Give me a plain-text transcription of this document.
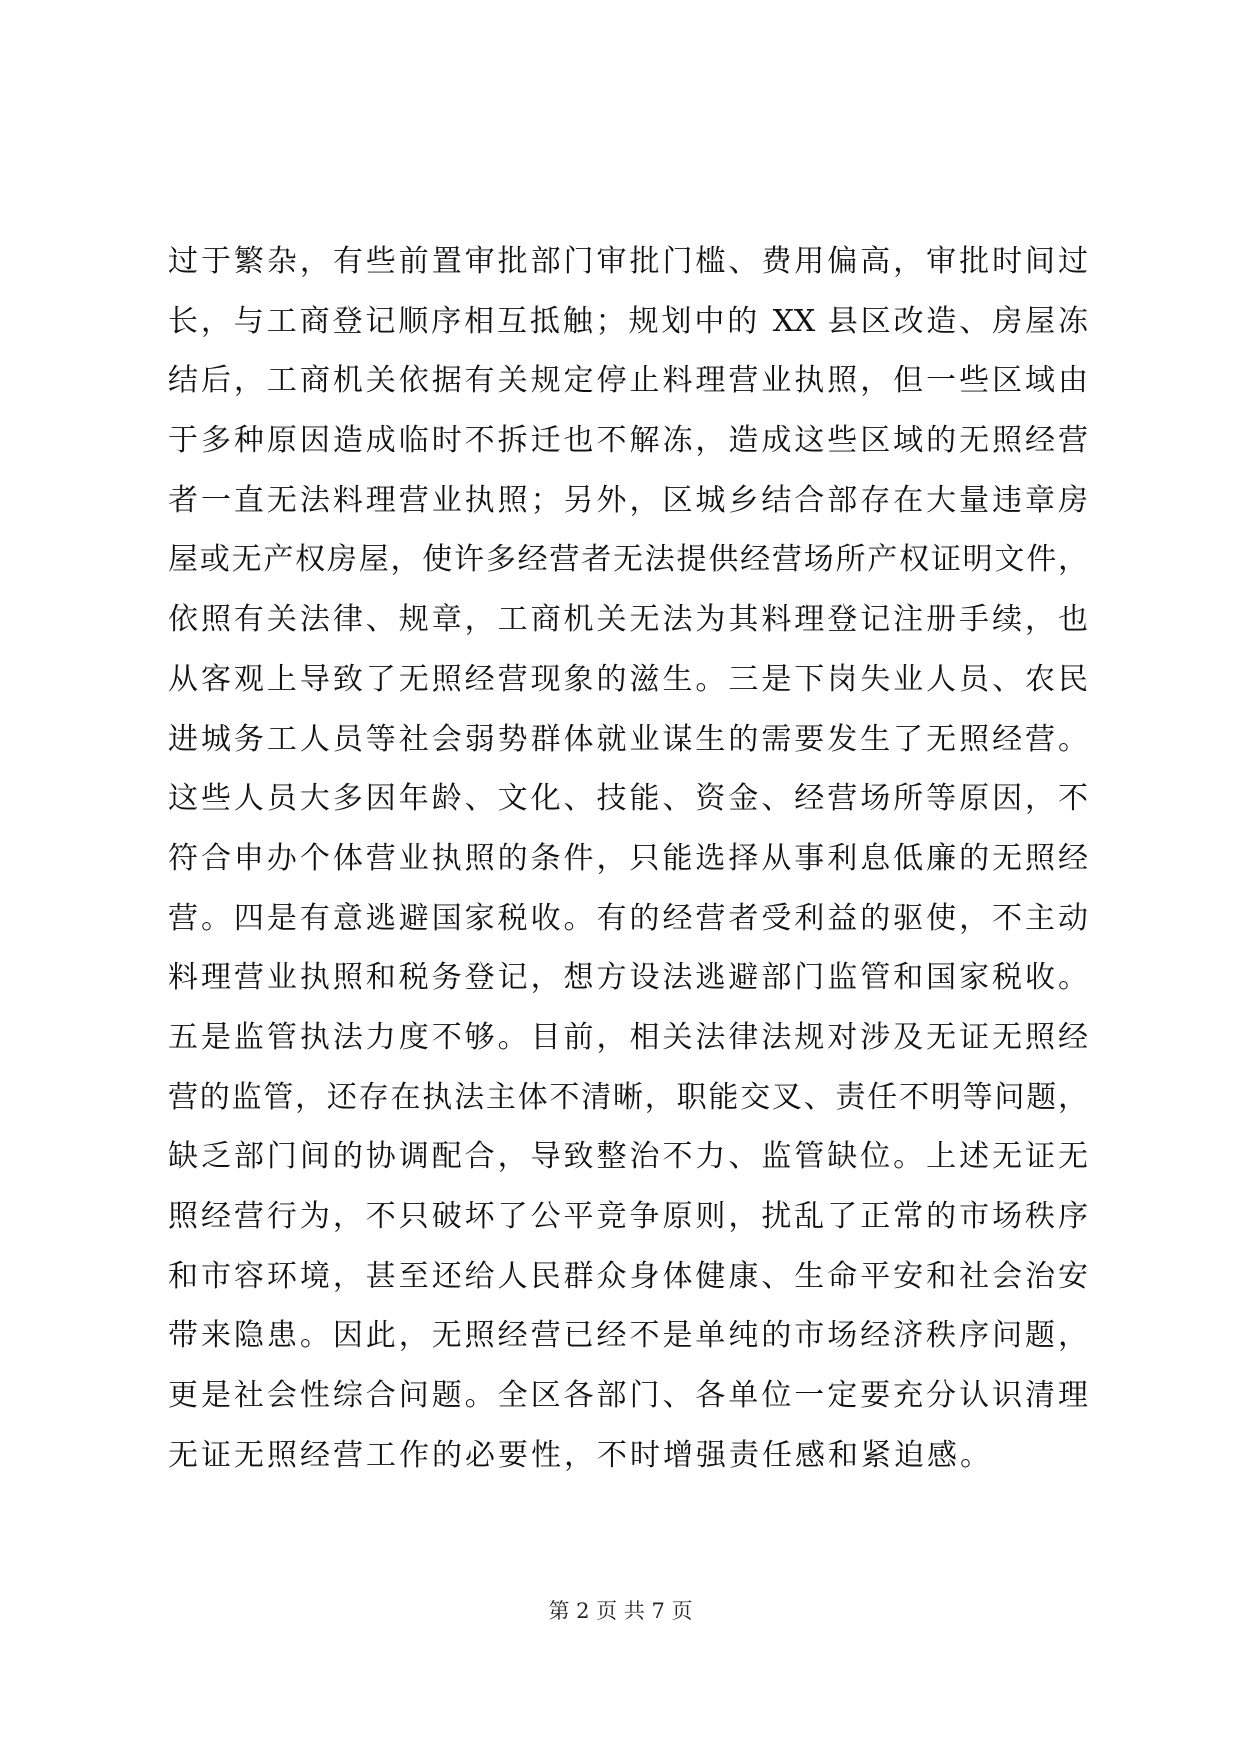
过于繁杂，有些前置审批部门审批门槛、费用偏高，审批时间过
长，与工商登记顺序相互抵触；规划中的 XX 县区改造、房屋冻
结后，工商机关依据有关规定停止料理营业执照，但一些区域由
于多种原因造成临时不拆迁也不解冻，造成这些区域的无照经营
者一直无法料理营业执照；另外，区城乡结合部存在大量违章房
屋或无产权房屋，使许多经营者无法提供经营场所产权证明文件，
依照有关法律、规章，工商机关无法为其料理登记注册手续，也
从客观上导致了无照经营现象的滋生。三是下岗失业人员、农民
进城务工人员等社会弱势群体就业谋生的需要发生了无照经营。
这些人员大多因年龄、文化、技能、资金、经营场所等原因，不
符合申办个体营业执照的条件，只能选择从事利息低廉的无照经
营。四是有意逃避国家税收。有的经营者受利益的驱使，不主动
料理营业执照和税务登记，想方设法逃避部门监管和国家税收。
五是监管执法力度不够。目前，相关法律法规对涉及无证无照经
营的监管，还存在执法主体不清晰，职能交叉、责任不明等问题，
缺乏部门间的协调配合，导致整治不力、监管缺位。上述无证无
照经营行为，不只破坏了公平竞争原则，扰乱了正常的市场秩序
和市容环境，甚至还给人民群众身体健康、生命平安和社会治安
带来隐患。因此，无照经营已经不是单纯的市场经济秩序问题，
更是社会性综合问题。全区各部门、各单位一定要充分认识清理
无证无照经营工作的必要性，不时增强责任感和紧迫感。
第 2 页 共 7 页
